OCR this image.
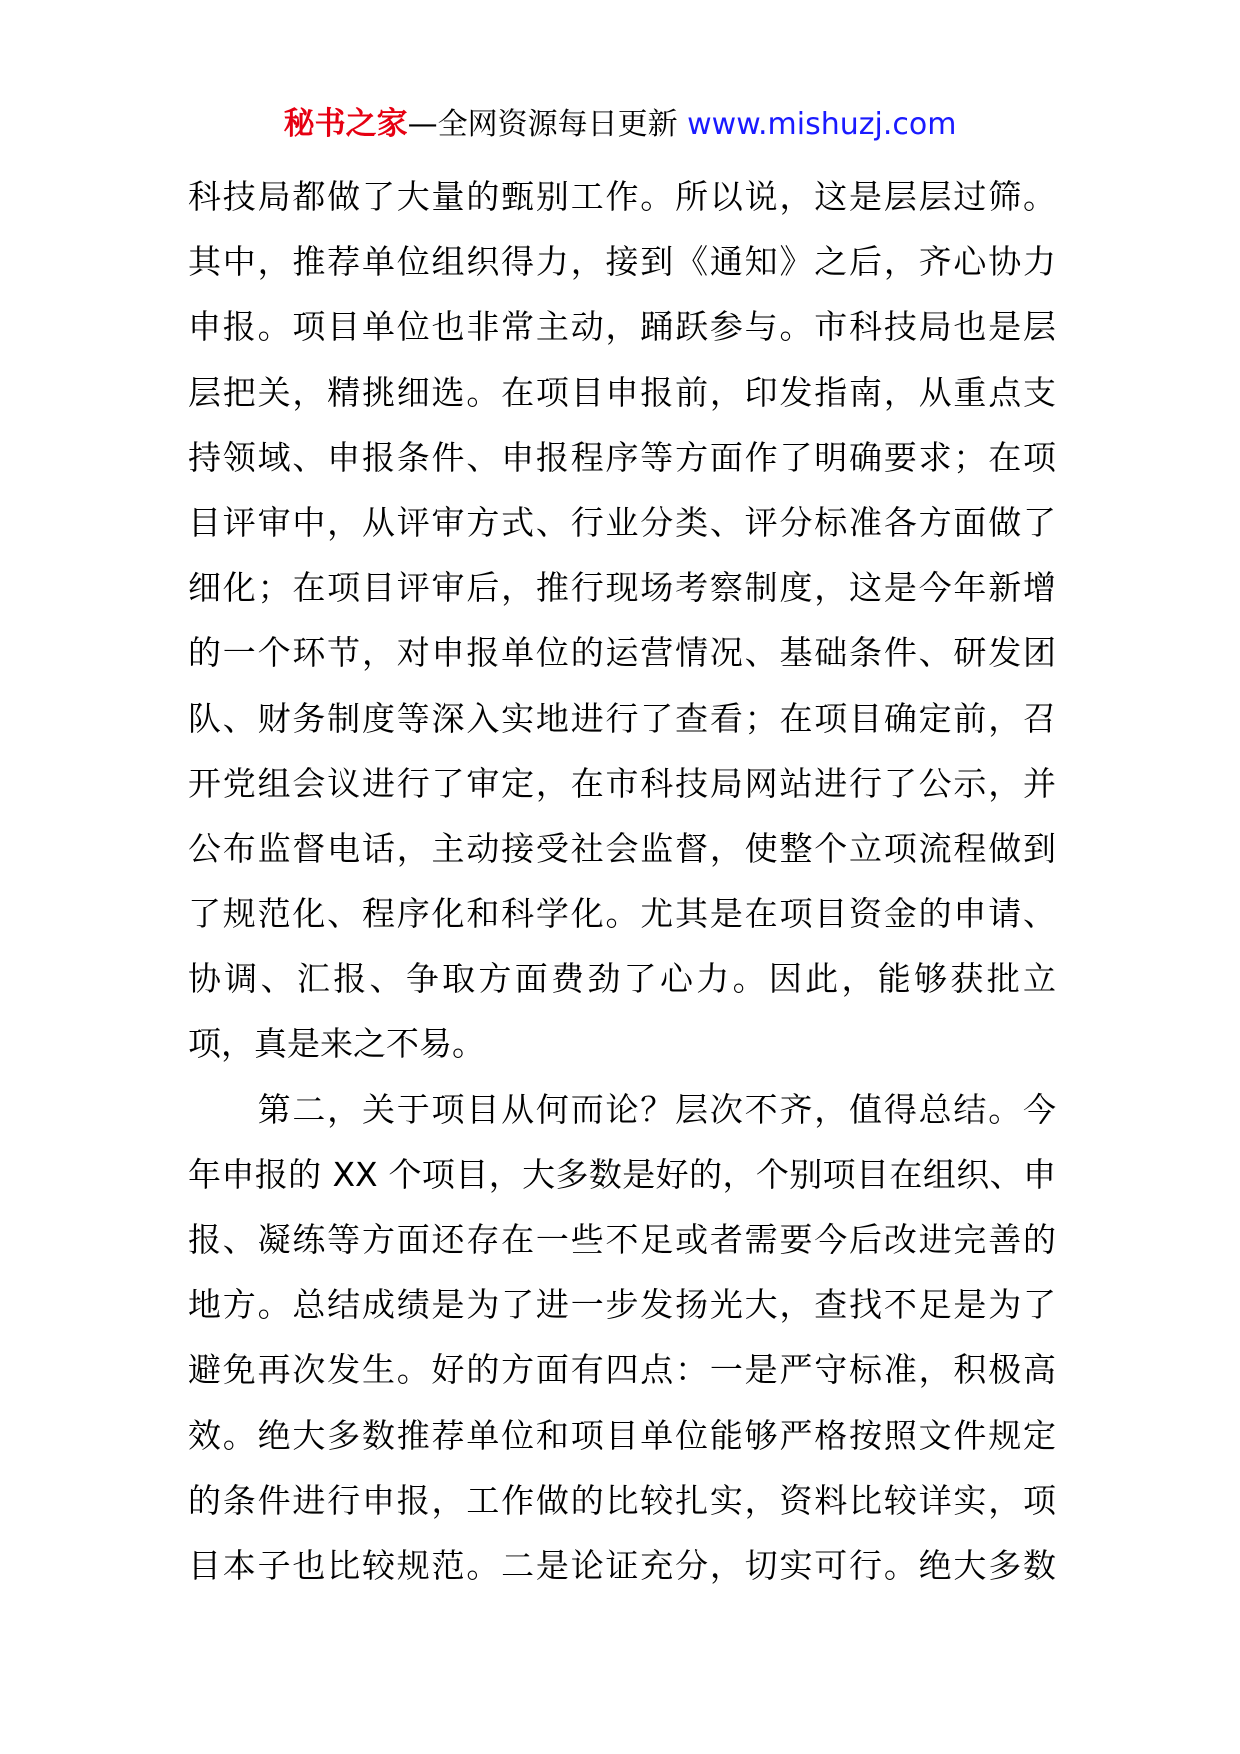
秘书之家—全网资源每日更新 www.mishuzj.com
科技局都做了大量的甄别工作。所以说，这是层层过筛。
其中，推荐单位组织得力，接到《通知》之后，齐心协力
申报。项目单位也非常主动，踊跃参与。市科技局也是层
层把关，精挑细选。在项目申报前，印发指南，从重点支
持领域、申报条件、申报程序等方面作了明确要求；在项
目评审中，从评审方式、行业分类、评分标准各方面做了
细化；在项目评审后，推行现场考察制度，这是今年新增
的一个环节，对申报单位的运营情况、基础条件、研发团
队、财务制度等深入实地进行了查看；在项目确定前，召
开党组会议进行了审定，在市科技局网站进行了公示，并
公布监督电话，主动接受社会监督，使整个立项流程做到
了规范化、程序化和科学化。尤其是在项目资金的申请、
协调、汇报、争取方面费劲了心力。因此，能够获批立
项，真是来之不易。
　　第二，关于项目从何而论？层次不齐，值得总结。今
年申报的 XX 个项目，大多数是好的，个别项目在组织、申
报、凝练等方面还存在一些不足或者需要今后改进完善的
地方。总结成绩是为了进一步发扬光大，查找不足是为了
避免再次发生。好的方面有四点：一是严守标准，积极高
效。绝大多数推荐单位和项目单位能够严格按照文件规定
的条件进行申报，工作做的比较扎实，资料比较详实，项
目本子也比较规范。二是论证充分，切实可行。绝大多数
